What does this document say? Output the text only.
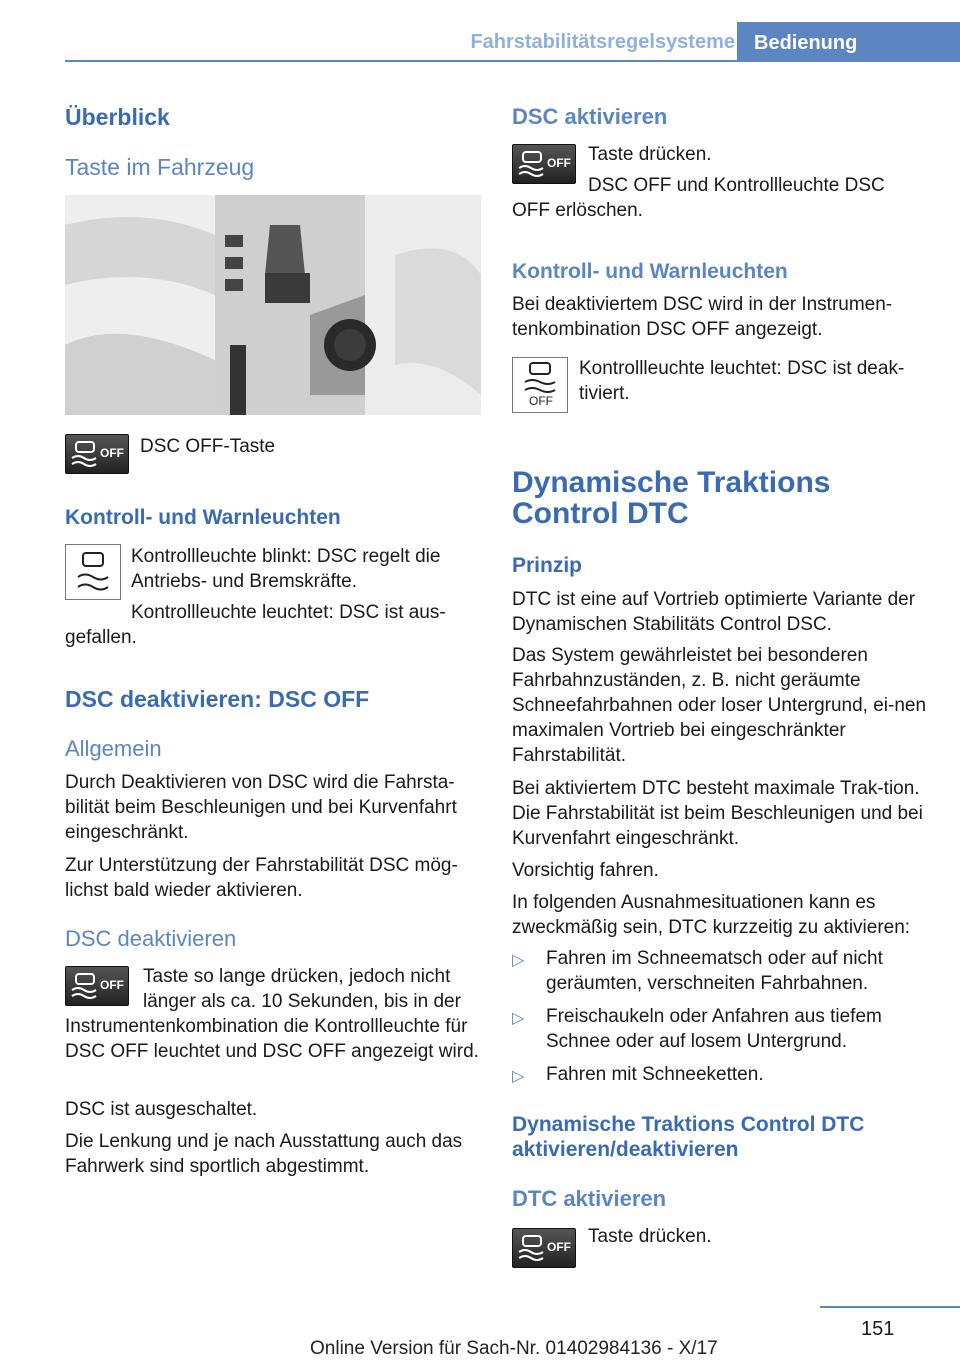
Fahrstabilitätsregelsysteme Bedienung
Überblick
Taste im Fahrzeug
OFF DSC OFF-Taste

Kontroll- und Warnleuchten

Kontrollleuchte blinkt: DSC regelt die Antriebs- und Bremskräfte.

Kontrollleuchte leuchtet: DSC ist aus-

gefallen.

DSC deaktivieren: DSC OFF
Allgemein

Durch Deaktivieren von DSC wird die Fahrsta-bilität beim Beschleunigen und bei Kurvenfahrt eingeschränkt.

Zur Unterstützung der Fahrstabilität DSC mög-lichst bald wieder aktivieren.

DSC deaktivieren
OFF Taste so lange drücken, jedoch nicht

länger als ca. 10 Sekunden, bis in der

Instrumentenkombination die Kontrollleuchte für DSC OFF leuchtet und DSC OFF angezeigt wird.

DSC ist ausgeschaltet.

Die Lenkung und je nach Ausstattung auch das Fahrwerk sind sportlich abgestimmt.

DSC aktivieren
OFF Taste drücken.

DSC OFF und Kontrollleuchte DSC

OFF erlöschen.

Kontroll- und Warnleuchten

Bei deaktiviertem DSC wird in der Instrumen-tenkombination DSC OFF angezeigt.

OFF

Kontrollleuchte leuchtet: DSC ist deak-

tiviert.

Dynamische Traktions Control DTC
Prinzip

DTC ist eine auf Vortrieb optimierte Variante der Dynamischen Stabilitäts Control DSC.

Das System gewährleistet bei besonderen Fahrbahnzuständen, z. B. nicht geräumte Schneefahrbahnen oder loser Untergrund, ei-nen maximalen Vortrieb bei eingeschränkter Fahrstabilität.

Bei aktiviertem DTC besteht maximale Trak-tion. Die Fahrstabilität ist beim Beschleunigen und bei Kurvenfahrt eingeschränkt.

Vorsichtig fahren.

In folgenden Ausnahmesituationen kann es zweckmäßig sein, DTC kurzzeitig zu aktivieren:

▷ Fahren im Schneematsch oder auf nicht geräumten, verschneiten Fahrbahnen.
▷ Freischaukeln oder Anfahren aus tiefem Schnee oder auf losem Untergrund.
▷ Fahren mit Schneeketten.
Dynamische Traktions Control DTC aktivieren/deaktivieren
DTC aktivieren
OFF Taste drücken.

151
Online Version für Sach-Nr. 01402984136 - X/17
